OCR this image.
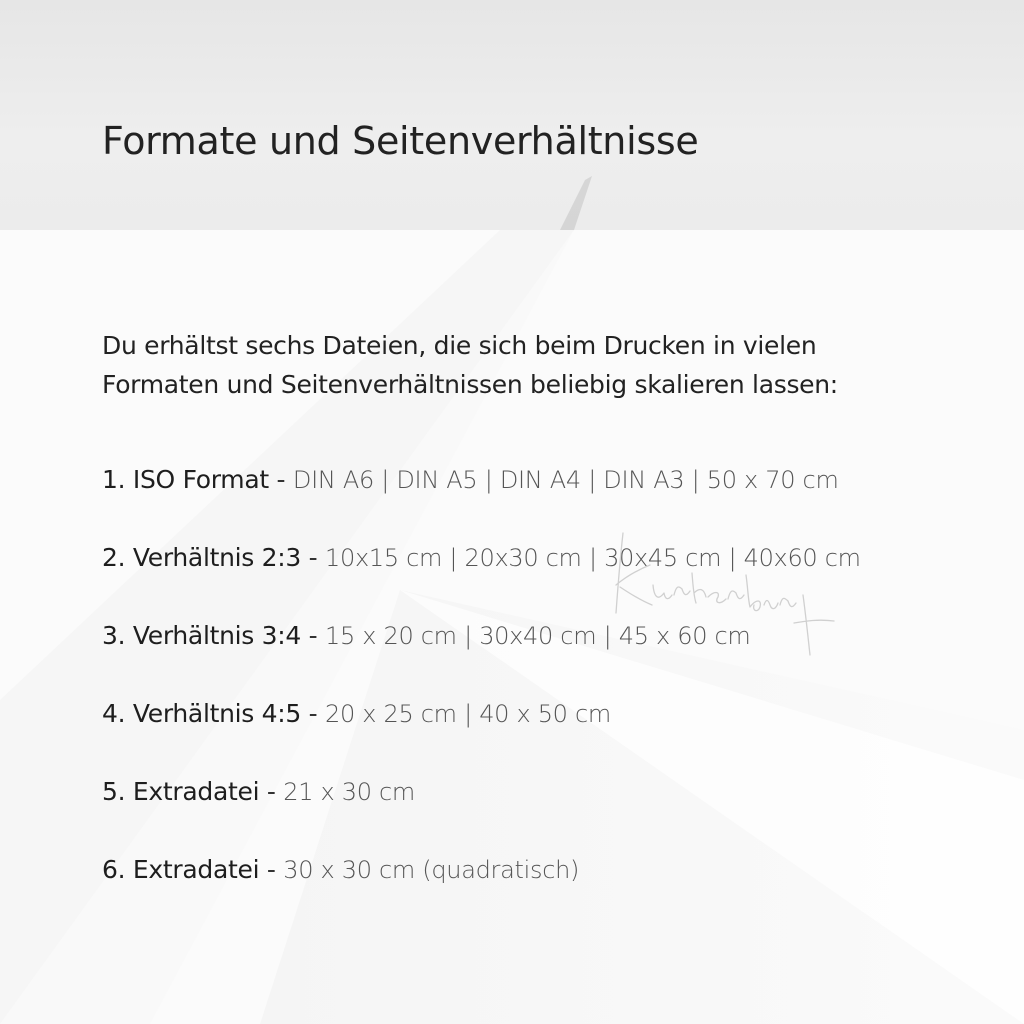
Formate und Seitenverhältnisse
Du erhältst sechs Dateien, die sich beim Drucken in vielen
Formaten und Seitenverhältnissen beliebig skalieren lassen:
1. ISO Format - DIN A6 | DIN A5 | DIN A4 | DIN A3 | 50 x 70 cm
2. Verhältnis 2:3 - 10x15 cm | 20x30 cm | 30x45 cm | 40x60 cm
3. Verhältnis 3:4 - 15 x 20 cm | 30x40 cm | 45 x 60 cm
4. Verhältnis 4:5 - 20 x 25 cm | 40 x 50 cm
5. Extradatei - 21 x 30 cm
6. Extradatei - 30 x 30 cm (quadratisch)
